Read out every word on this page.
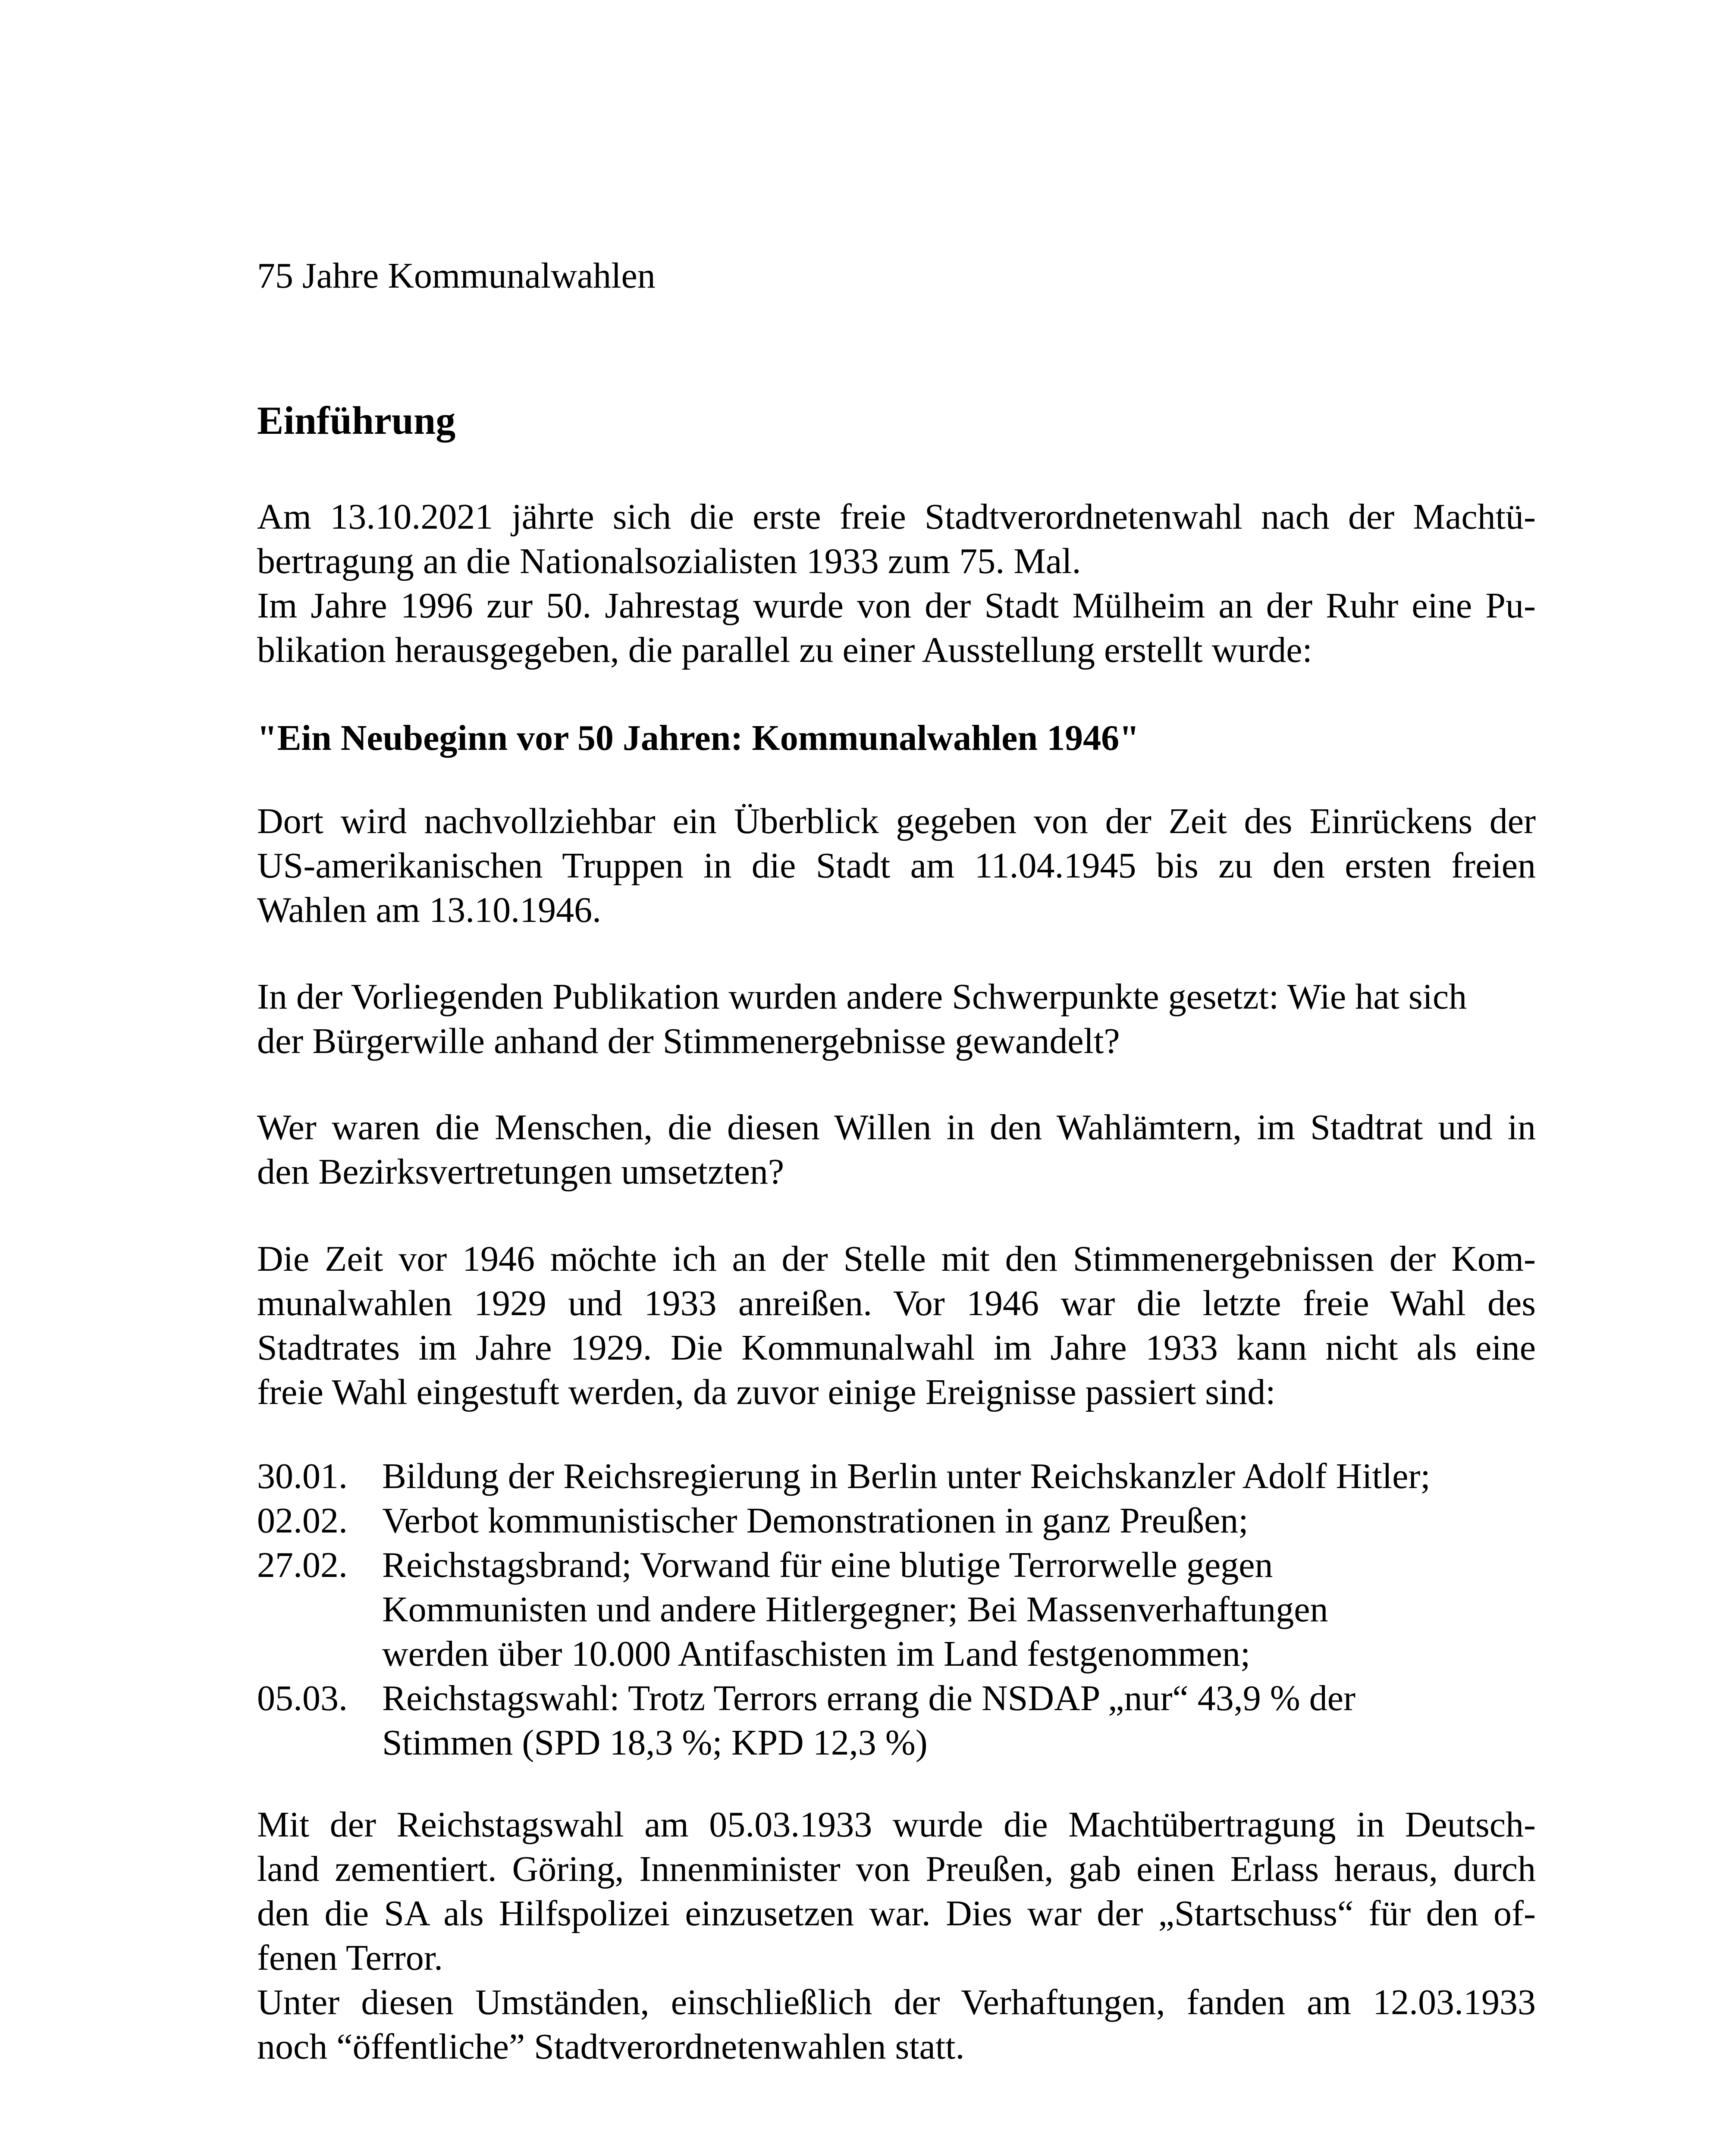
75 Jahre Kommunalwahlen
Einführung
Am 13.10.2021 jährte sich die erste freie Stadtverordnetenwahl nach der Machtü-
bertragung an die Nationalsozialisten 1933 zum 75. Mal.
Im Jahre 1996 zur 50. Jahrestag wurde von der Stadt Mülheim an der Ruhr eine Pu-
blikation herausgegeben, die parallel zu einer Ausstellung erstellt wurde:
"Ein Neubeginn vor 50 Jahren: Kommunalwahlen 1946"
Dort wird nachvollziehbar ein Überblick gegeben von der Zeit des Einrückens der
US-amerikanischen Truppen in die Stadt am 11.04.1945 bis zu den ersten freien
Wahlen am 13.10.1946.
In der Vorliegenden Publikation wurden andere Schwerpunkte gesetzt: Wie hat sich
der Bürgerwille anhand der Stimmenergebnisse gewandelt?
Wer waren die Menschen, die diesen Willen in den Wahlämtern, im Stadtrat und in
den Bezirksvertretungen umsetzten?
Die Zeit vor 1946 möchte ich an der Stelle mit den Stimmenergebnissen der Kom-
munalwahlen 1929 und 1933 anreißen. Vor 1946 war die letzte freie Wahl des
Stadtrates im Jahre 1929. Die Kommunalwahl im Jahre 1933 kann nicht als eine
freie Wahl eingestuft werden, da zuvor einige Ereignisse passiert sind:
30.01. Bildung der Reichsregierung in Berlin unter Reichskanzler Adolf Hitler;
02.02. Verbot kommunistischer Demonstrationen in ganz Preußen;
27.02. Reichstagsbrand; Vorwand für eine blutige Terrorwelle gegen
Kommunisten und andere Hitlergegner; Bei Massenverhaftungen
werden über 10.000 Antifaschisten im Land festgenommen;
05.03. Reichstagswahl: Trotz Terrors errang die NSDAP „nur“ 43,9 % der
Stimmen (SPD 18,3 %; KPD 12,3 %)
Mit der Reichstagswahl am 05.03.1933 wurde die Machtübertragung in Deutsch-
land zementiert. Göring, Innenminister von Preußen, gab einen Erlass heraus, durch
den die SA als Hilfspolizei einzusetzen war. Dies war der „Startschuss“ für den of-
fenen Terror.
Unter diesen Umständen, einschließlich der Verhaftungen, fanden am 12.03.1933
noch “öffentliche” Stadtverordnetenwahlen statt.
